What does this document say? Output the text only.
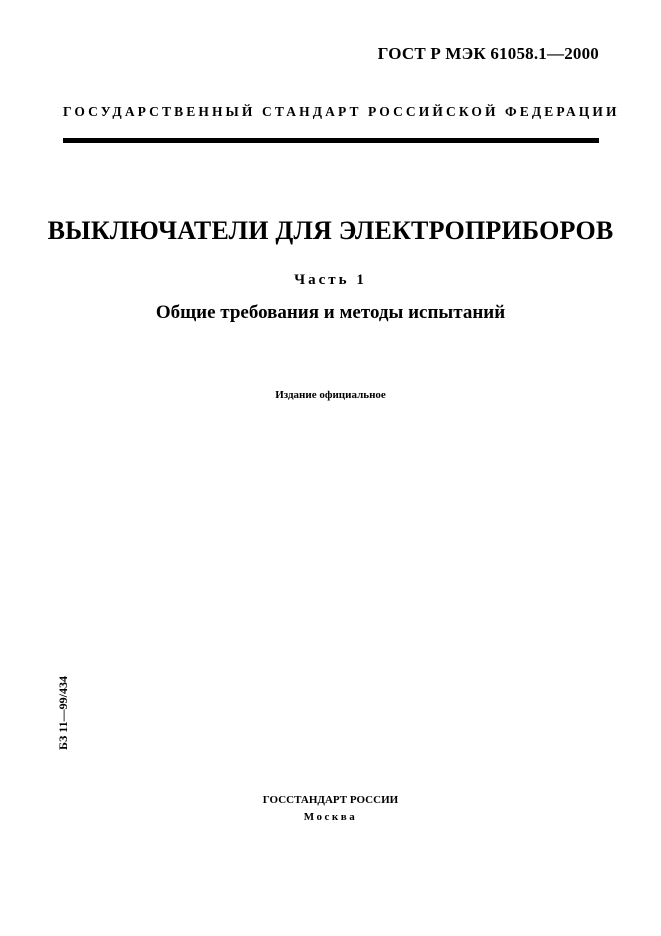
ГОСТ Р МЭК 61058.1—2000
ГОСУДАРСТВЕННЫЙ СТАНДАРТ РОССИЙСКОЙ ФЕДЕРАЦИИ
ВЫКЛЮЧАТЕЛИ ДЛЯ ЭЛЕКТРОПРИБОРОВ
Часть 1
Общие требования и методы испытаний
Издание официальное
БЗ 11—99/434
ГОССТАНДАРТ РОССИИ
Москва
